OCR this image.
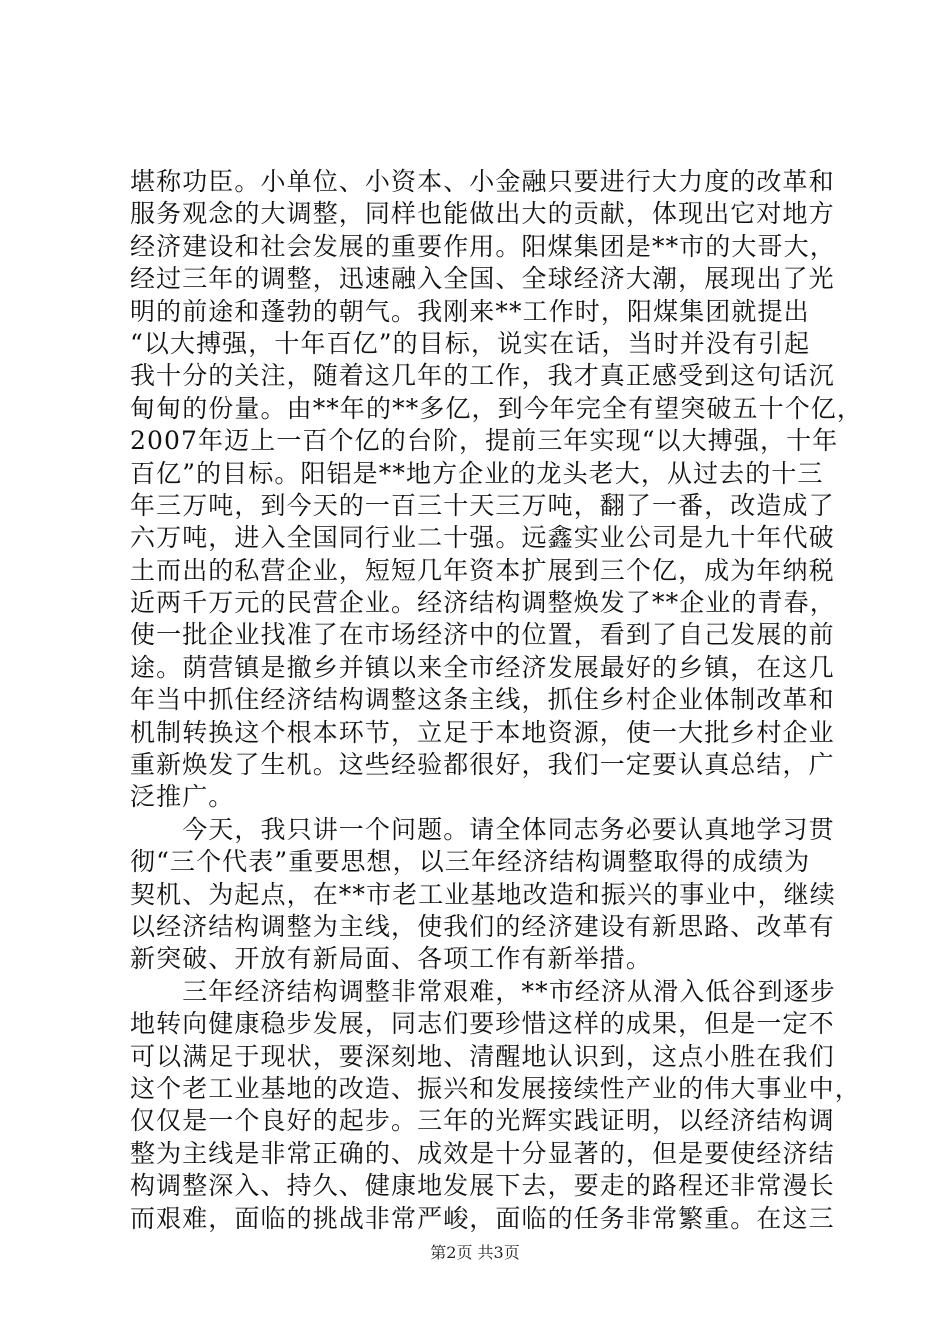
堪称功臣。小单位、小资本、小金融只要进行大力度的改革和
服务观念的大调整，同样也能做出大的贡献，体现出它对地方
经济建设和社会发展的重要作用。阳煤集团是**市的大哥大，
经过三年的调整，迅速融入全国、全球经济大潮，展现出了光
明的前途和蓬勃的朝气。我刚来**工作时，阳煤集团就提出
“以大搏强，十年百亿”的目标，说实在话，当时并没有引起
我十分的关注，随着这几年的工作，我才真正感受到这句话沉
甸甸的份量。由**年的**多亿，到今年完全有望突破五十个亿，
2007年迈上一百个亿的台阶，提前三年实现“以大搏强，十年
百亿”的目标。阳铝是**地方企业的龙头老大，从过去的十三
年三万吨，到今天的一百三十天三万吨，翻了一番，改造成了
六万吨，进入全国同行业二十强。远鑫实业公司是九十年代破
土而出的私营企业，短短几年资本扩展到三个亿，成为年纳税
近两千万元的民营企业。经济结构调整焕发了**企业的青春，
使一批企业找准了在市场经济中的位置，看到了自己发展的前
途。荫营镇是撤乡并镇以来全市经济发展最好的乡镇，在这几
年当中抓住经济结构调整这条主线，抓住乡村企业体制改革和
机制转换这个根本环节，立足于本地资源，使一大批乡村企业
重新焕发了生机。这些经验都很好，我们一定要认真总结，广
泛推广。
　　今天，我只讲一个问题。请全体同志务必要认真地学习贯
彻“三个代表”重要思想，以三年经济结构调整取得的成绩为
契机、为起点，在**市老工业基地改造和振兴的事业中，继续
以经济结构调整为主线，使我们的经济建设有新思路、改革有
新突破、开放有新局面、各项工作有新举措。
　　三年经济结构调整非常艰难，**市经济从滑入低谷到逐步
地转向健康稳步发展，同志们要珍惜这样的成果，但是一定不
可以满足于现状，要深刻地、清醒地认识到，这点小胜在我们
这个老工业基地的改造、振兴和发展接续性产业的伟大事业中，
仅仅是一个良好的起步。三年的光辉实践证明，以经济结构调
整为主线是非常正确的、成效是十分显著的，但是要使经济结
构调整深入、持久、健康地发展下去，要走的路程还非常漫长
而艰难，面临的挑战非常严峻，面临的任务非常繁重。在这三
第2页 共3页
